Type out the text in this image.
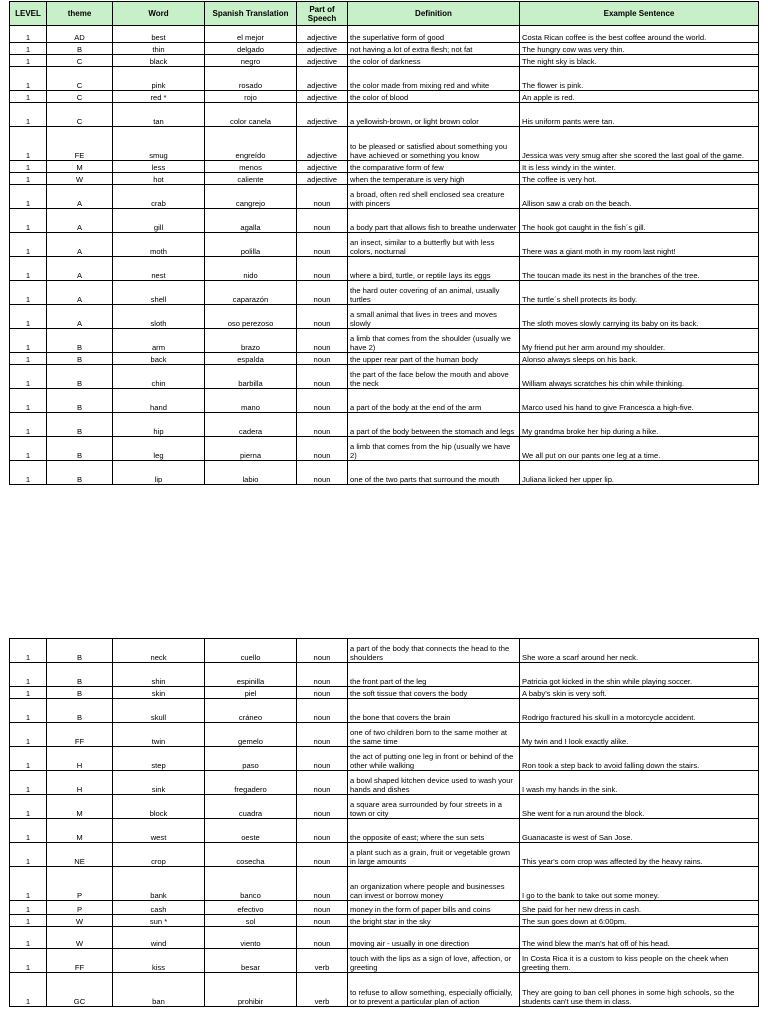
LEVEL	theme	Word	Spanish Translation	Part of Speech	Definition	Example Sentence
1	AD	best	el mejor	adjective	the superlative form of good	Costa Rican coffee is the best coffee around the world.
1	B	thin	delgado	adjective	not having a lot of extra flesh; not fat	The hungry cow was very thin.
1	C	black	negro	adjective	the color of darkness	The night sky is black.
1	C	pink	rosado	adjective	the color made from mixing red and white	The flower is pink.
1	C	red *	rojo	adjective	the color of blood	An apple is red.
1	C	tan	color canela	adjective	a yellowish-brown, or light brown color	His uniform pants were tan.
1	FE	smug	engreído	adjective	to be pleased or satisfied about something you have achieved or something you know	Jessica was very smug after she scored the last goal of the game.
1	M	less	menos	adjective	the comparative form of few	It is less windy in the winter.
1	W	hot	caliente	adjective	when the temperature is very high	The coffee is very hot.
1	A	crab	cangrejo	noun	a broad, often red shell enclosed sea creature with pincers	Allison saw a crab on the beach.
1	A	gill	agalla	noun	a body part that allows fish to breathe underwater	The hook got caught in the fish´s gill.
1	A	moth	polilla	noun	an insect, similar to a butterfly but with less colors, nocturnal	There was a giant moth in my room last night!
1	A	nest	nido	noun	where a bird, turtle, or reptile lays its eggs	The toucan made its nest in the branches of the tree.
1	A	shell	caparazón	noun	the hard outer covering of an animal, usually turtles	The turtle´s shell protects its body.
1	A	sloth	oso perezoso	noun	a small animal that lives in trees and moves slowly	The sloth moves slowly carrying its baby on its back.
1	B	arm	brazo	noun	a limb that comes from the shoulder (usually we have 2)	My friend put her arm around my shoulder.
1	B	back	espalda	noun	the upper rear part of the human body	Alonso always sleeps on his back.
1	B	chin	barbilla	noun	the part of the face below the mouth and above the neck	William always scratches his chin while thinking.
1	B	hand	mano	noun	a part of the body at the end of the arm	Marco used his hand to give Francesca a high-five.
1	B	hip	cadera	noun	a part of the body between the stomach and legs	My grandma broke her hip during a hike.
1	B	leg	pierna	noun	a limb that comes from the hip (usually we have 2)	We all put on our pants one leg at a time.
1	B	lip	labio	noun	one of the two parts that surround the mouth	Juliana licked her upper lip.
1	B	neck	cuello	noun	a part of the body that connects the head to the shoulders	She wore a scarf around her neck.
1	B	shin	espinilla	noun	the front part of the leg	Patricia got kicked in the shin while playing soccer.
1	B	skin	piel	noun	the soft tissue that covers the body	A baby's skin is very soft.
1	B	skull	cráneo	noun	the bone that covers the brain	Rodrigo fractured his skull in a motorcycle accident.
1	FF	twin	gemelo	noun	one of two children born to the same mother at the same time	My twin and I look exactly alike.
1	H	step	paso	noun	the act of putting one leg in front or behind of the other while walking	Ron took a step back to avoid falling down the stairs.
1	H	sink	fregadero	noun	a bowl shaped kitchen device used to wash your hands and dishes	I wash my hands in the sink.
1	M	block	cuadra	noun	a square area surrounded by four streets in a town or city	She went for a run around the block.
1	M	west	oeste	noun	the opposite of east; where the sun sets	Guanacaste is west of San Jose.
1	NE	crop	cosecha	noun	a plant such as a grain, fruit or vegetable grown in large amounts	This year's corn crop was affected by the heavy rains.
1	P	bank	banco	noun	an organization where people and businesses can invest or borrow money	I go to the bank to take out some money.
1	P	cash	efectivo	noun	money in the form of paper bills and coins	She paid for her new dress in cash.
1	W	sun *	sol	noun	the bright star in the sky	The sun goes down at 6:00pm.
1	W	wind	viento	noun	moving air - usually in one direction	The wind blew the man's hat off of his head.
1	FF	kiss	besar	verb	touch with the lips as a sign of love, affection, or greeting	In Costa Rica it is a custom to kiss people on the cheek when greeting them.
1	GC	ban	prohibir	verb	to refuse to allow something, especially officially, or to prevent a particular plan of action	They are going to ban cell phones in some high schools, so the students can't use them in class.
